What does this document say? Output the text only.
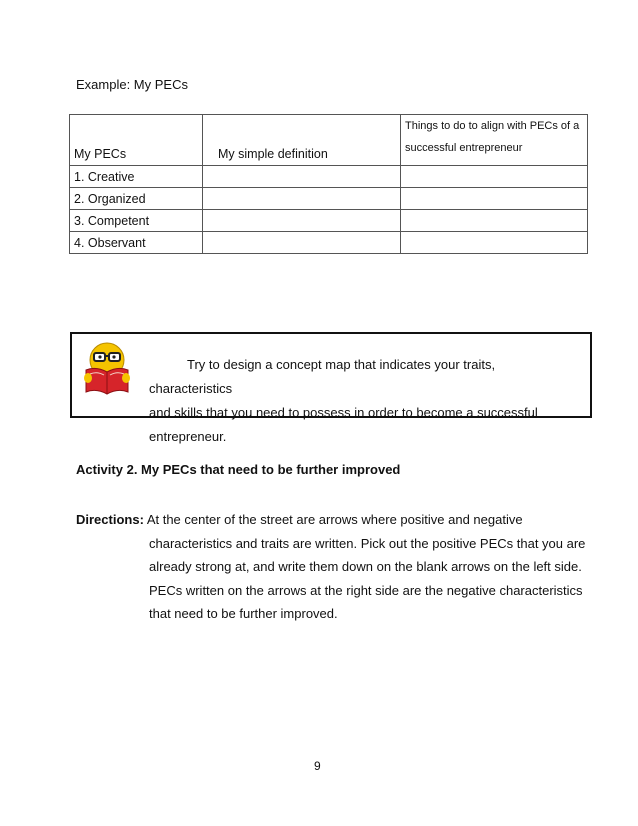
Example: My PECs
My PECs	My simple definition	Things to do to align with PECs of a successful entrepreneur
1. Creative		
2. Organized		
3. Competent		
4. Observant		

Try to design a concept map that indicates your traits, characteristics
and skills that you need to possess in order to become a successful
entrepreneur.

Activity 2. My PECs that need to be further improved
Directions: At the center of the street are arrows where positive and negative

characteristics and traits are written. Pick out the positive PECs that you are
already strong at, and write them down on the blank arrows on the left side.
PECs written on the arrows at the right side are the negative characteristics
that need to be further improved.
9
